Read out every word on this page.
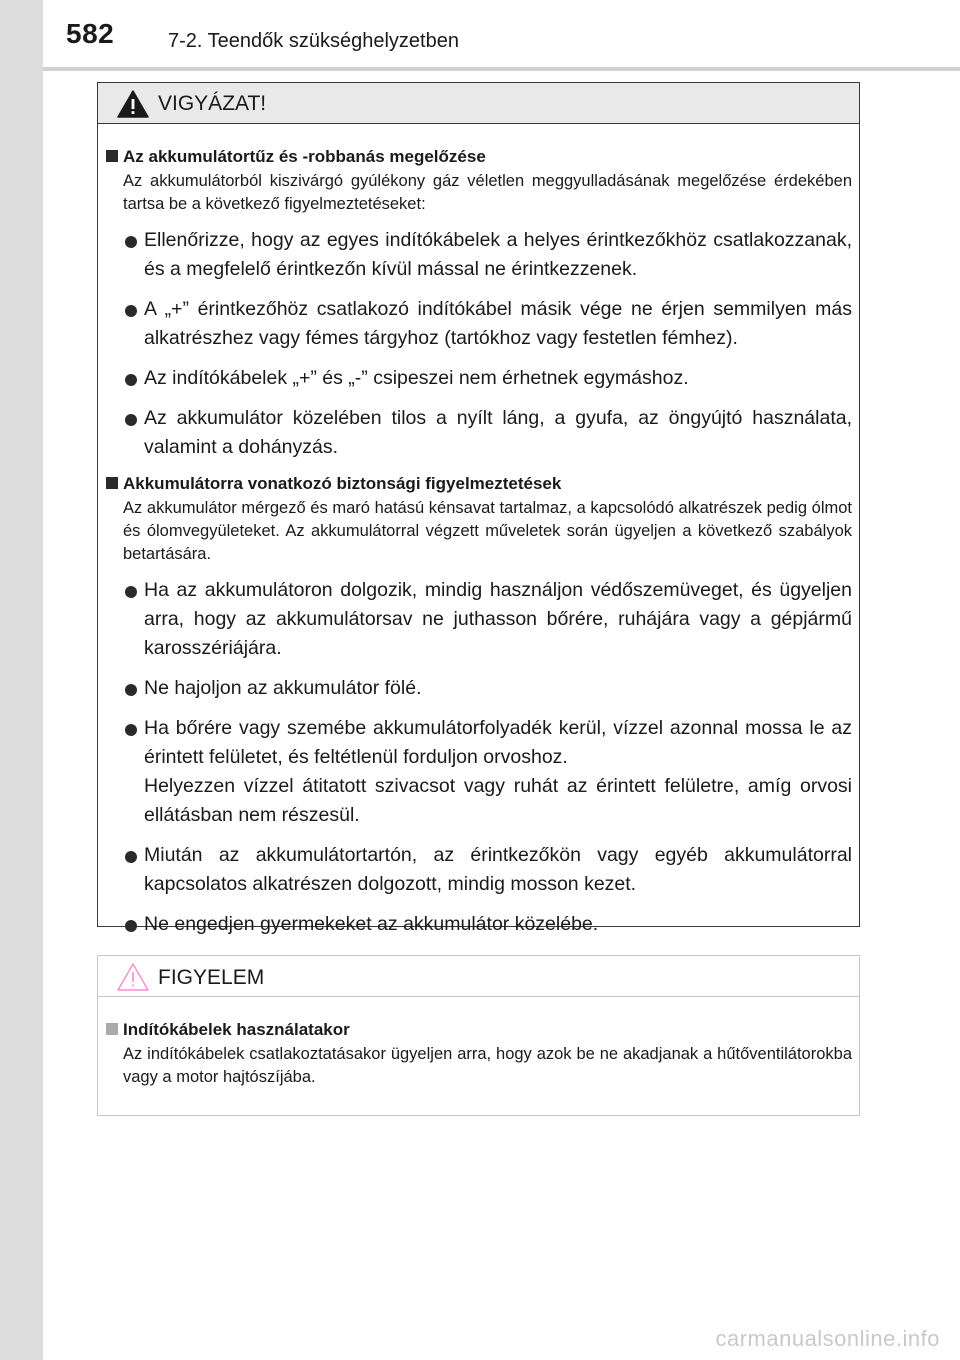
582	7-2. Teendők szükséghelyzetben
VIGYÁZAT!
Az akkumulátortűz és -robbanás megelőzése
Az akkumulátorból kiszivárgó gyúlékony gáz véletlen meggyulladásának megelőzése érdekében tartsa be a következő figyelmeztetéseket:

Ellenőrizze, hogy az egyes indítókábelek a helyes érintkezőkhöz csatlakozzanak, és a megfelelő érintkezőn kívül mással ne érintkezzenek.

A „+” érintkezőhöz csatlakozó indítókábel másik vége ne érjen semmilyen más alkatrészhez vagy fémes tárgyhoz (tartókhoz vagy festetlen fémhez).

Az indítókábelek „+” és „-” csipeszei nem érhetnek egymáshoz.

Az akkumulátor közelében tilos a nyílt láng, a gyufa, az öngyújtó használata, valamint a dohányzás.

Akkumulátorra vonatkozó biztonsági figyelmeztetések
Az akkumulátor mérgező és maró hatású kénsavat tartalmaz, a kapcsolódó alkatrészek pedig ólmot és ólomvegyületeket. Az akkumulátorral végzett műveletek során ügyeljen a következő szabályok betartására.

Ha az akkumulátoron dolgozik, mindig használjon védőszemüveget, és ügyeljen arra, hogy az akkumulátorsav ne juthasson bőrére, ruhájára vagy a gépjármű karosszériájára.

Ne hajoljon az akkumulátor fölé.

Ha bőrére vagy szemébe akkumulátorfolyadék kerül, vízzel azonnal mossa le az érintett felületet, és feltétlenül forduljon orvoshoz.

Helyezzen vízzel átitatott szivacsot vagy ruhát az érintett felületre, amíg orvosi ellátásban nem részesül.

Miután az akkumulátortartón, az érintkezőkön vagy egyéb akkumulátorral kapcsolatos alkatrészen dolgozott, mindig mosson kezet.

Ne engedjen gyermekeket az akkumulátor közelébe.

FIGYELEM
Indítókábelek használatakor
Az indítókábelek csatlakoztatásakor ügyeljen arra, hogy azok be ne akadjanak a hűtőventilátorokba vagy a motor hajtószíjába.
carmanualsonline.info
